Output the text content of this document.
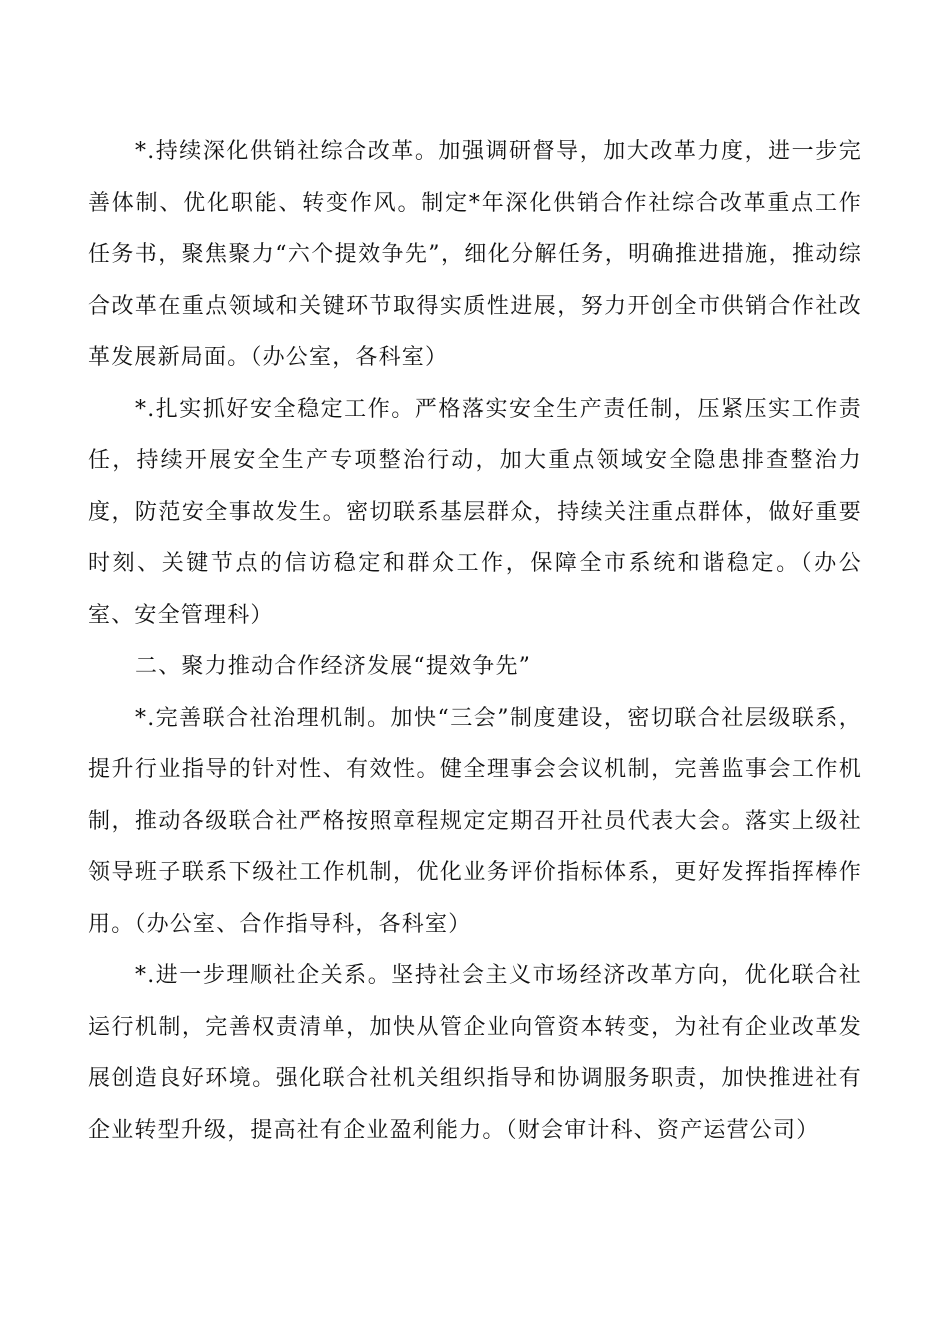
*.持续深化供销社综合改革。加强调研督导，加大改革力度，进一步完善体制、优化职能、转变作风。制定*年深化供销合作社综合改革重点工作任务书，聚焦聚力“六个提效争先”，细化分解任务，明确推进措施，推动综合改革在重点领域和关键环节取得实质性进展，努力开创全市供销合作社改革发展新局面。（办公室，各科室）

*.扎实抓好安全稳定工作。严格落实安全生产责任制，压紧压实工作责任，持续开展安全生产专项整治行动，加大重点领域安全隐患排查整治力度，防范安全事故发生。密切联系基层群众，持续关注重点群体，做好重要时刻、关键节点的信访稳定和群众工作，保障全市系统和谐稳定。（办公室、安全管理科）

二、聚力推动合作经济发展“提效争先”

*.完善联合社治理机制。加快“三会”制度建设，密切联合社层级联系，提升行业指导的针对性、有效性。健全理事会会议机制，完善监事会工作机制，推动各级联合社严格按照章程规定定期召开社员代表大会。落实上级社领导班子联系下级社工作机制，优化业务评价指标体系，更好发挥指挥棒作用。（办公室、合作指导科，各科室）

*.进一步理顺社企关系。坚持社会主义市场经济改革方向，优化联合社运行机制，完善权责清单，加快从管企业向管资本转变，为社有企业改革发展创造良好环境。强化联合社机关组织指导和协调服务职责，加快推进社有企业转型升级，提高社有企业盈利能力。（财会审计科、资产运营公司）
